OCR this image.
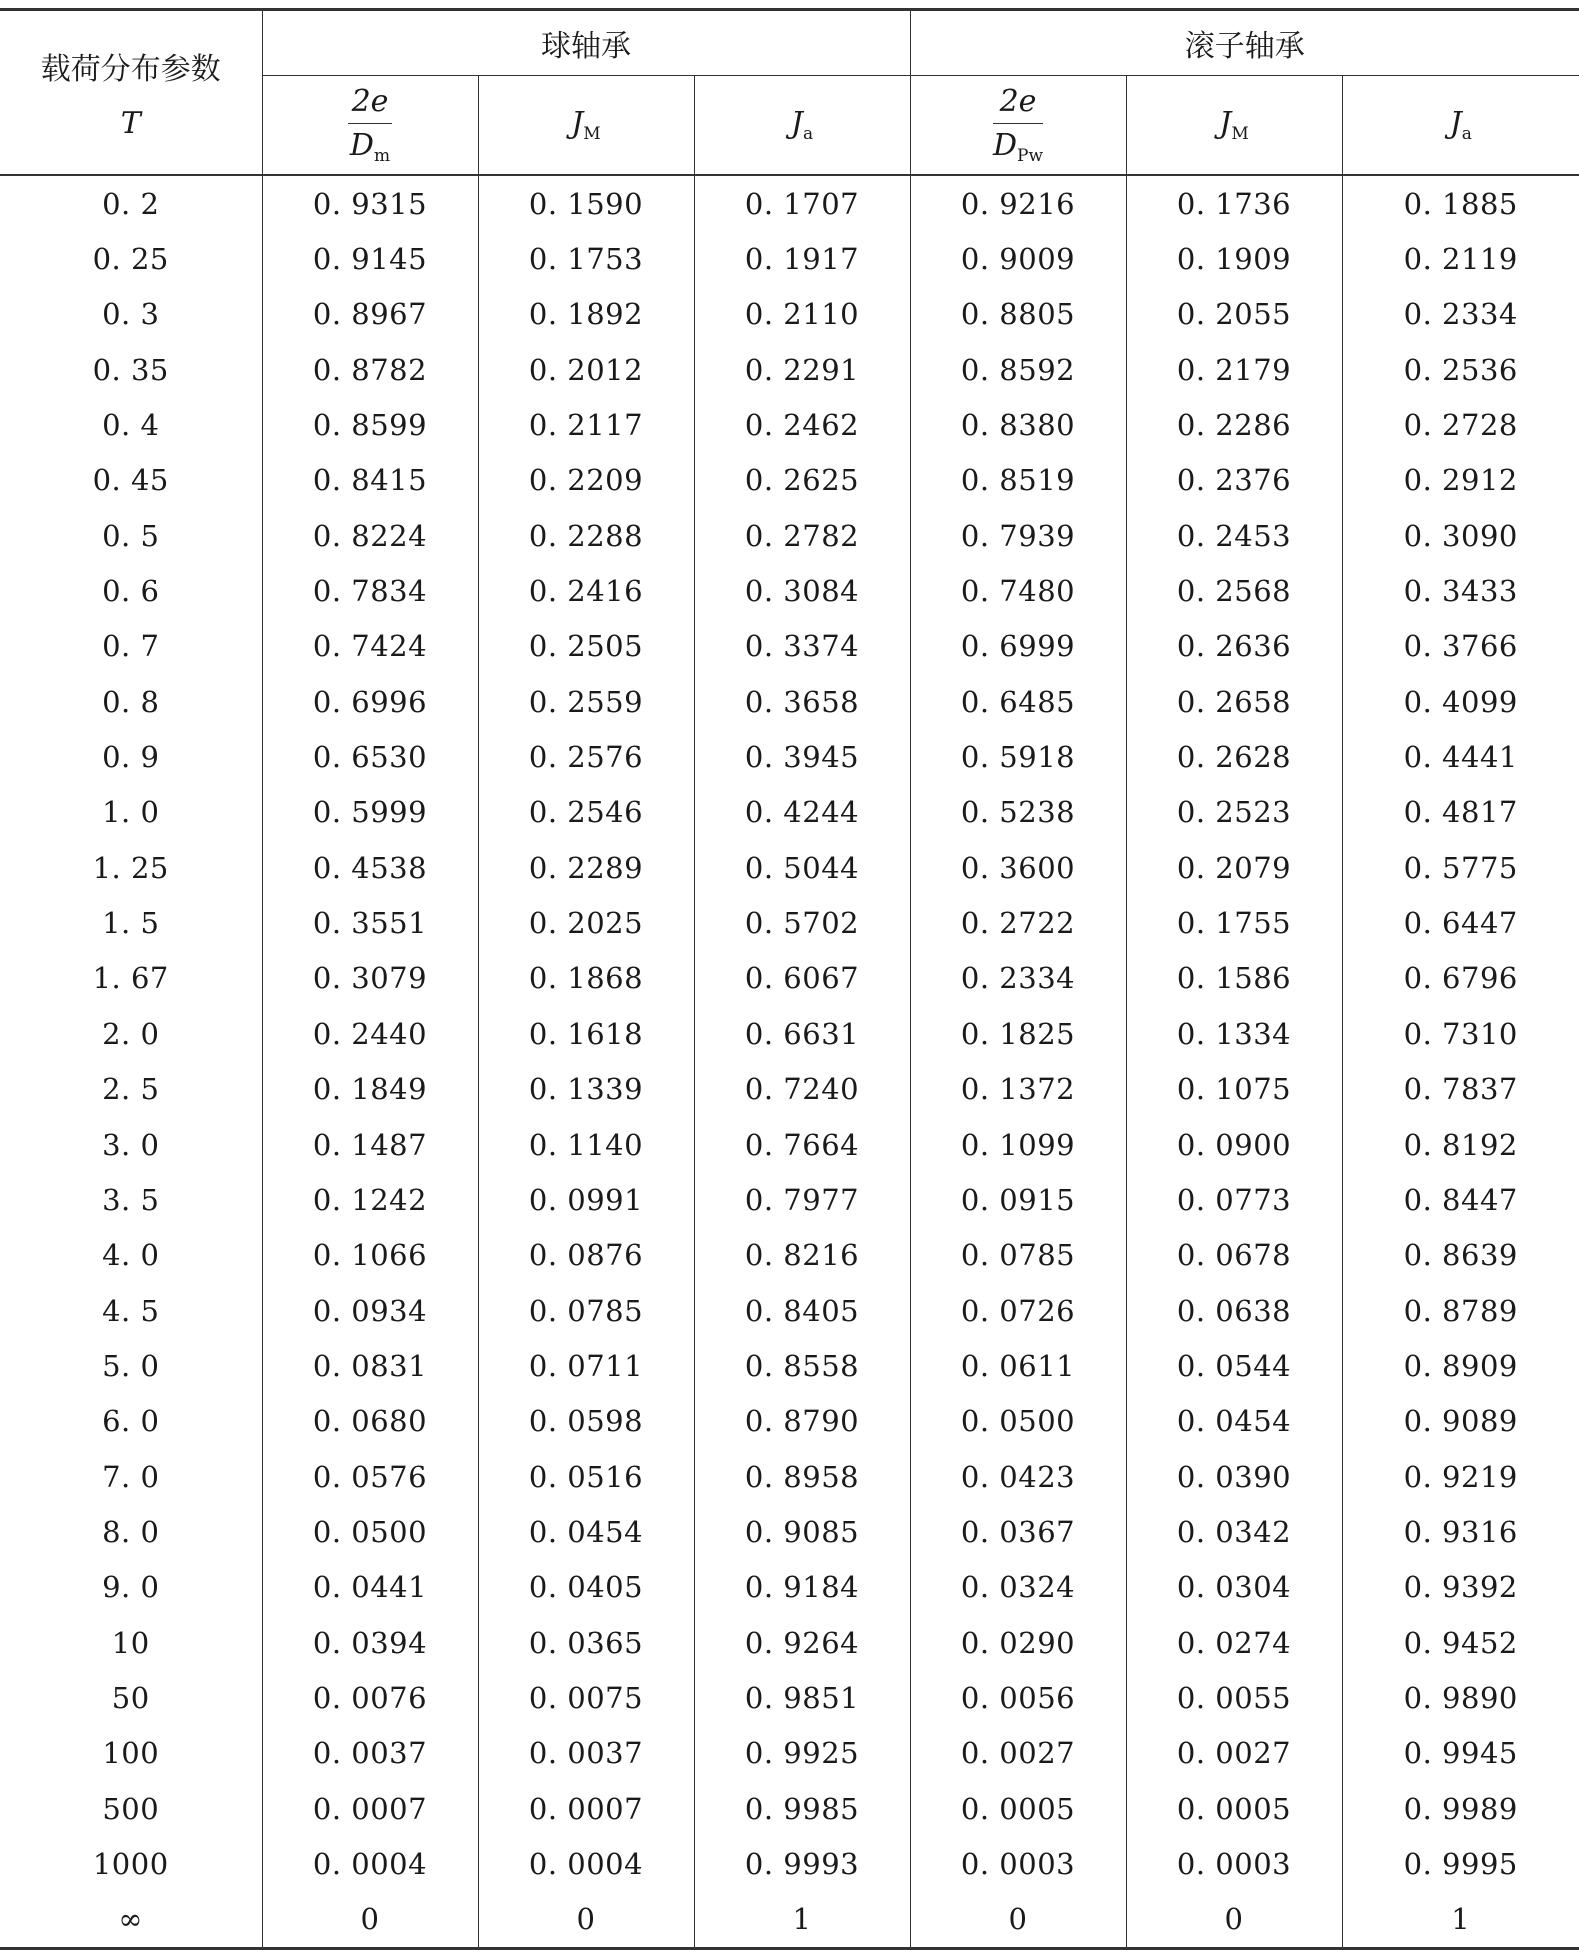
载荷分布参数
T	球轴承			滚子轴承		

	$\frac{2e}{D_m}$	$J_M$	$J_a$	$\frac{2e}{D_{Pw}}$	$J_M$	$J_a$
0. 2	0. 9315	0. 1590	0. 1707	0. 9216	0. 1736	0. 1885
0. 25	0. 9145	0. 1753	0. 1917	0. 9009	0. 1909	0. 2119
0. 3	0. 8967	0. 1892	0. 2110	0. 8805	0. 2055	0. 2334
0. 35	0. 8782	0. 2012	0. 2291	0. 8592	0. 2179	0. 2536
0. 4	0. 8599	0. 2117	0. 2462	0. 8380	0. 2286	0. 2728
0. 45	0. 8415	0. 2209	0. 2625	0. 8519	0. 2376	0. 2912
0. 5	0. 8224	0. 2288	0. 2782	0. 7939	0. 2453	0. 3090
0. 6	0. 7834	0. 2416	0. 3084	0. 7480	0. 2568	0. 3433
0. 7	0. 7424	0. 2505	0. 3374	0. 6999	0. 2636	0. 3766
0. 8	0. 6996	0. 2559	0. 3658	0. 6485	0. 2658	0. 4099
0. 9	0. 6530	0. 2576	0. 3945	0. 5918	0. 2628	0. 4441
1. 0	0. 5999	0. 2546	0. 4244	0. 5238	0. 2523	0. 4817
1. 25	0. 4538	0. 2289	0. 5044	0. 3600	0. 2079	0. 5775
1. 5	0. 3551	0. 2025	0. 5702	0. 2722	0. 1755	0. 6447
1. 67	0. 3079	0. 1868	0. 6067	0. 2334	0. 1586	0. 6796
2. 0	0. 2440	0. 1618	0. 6631	0. 1825	0. 1334	0. 7310
2. 5	0. 1849	0. 1339	0. 7240	0. 1372	0. 1075	0. 7837
3. 0	0. 1487	0. 1140	0. 7664	0. 1099	0. 0900	0. 8192
3. 5	0. 1242	0. 0991	0. 7977	0. 0915	0. 0773	0. 8447
4. 0	0. 1066	0. 0876	0. 8216	0. 0785	0. 0678	0. 8639
4. 5	0. 0934	0. 0785	0. 8405	0. 0726	0. 0638	0. 8789
5. 0	0. 0831	0. 0711	0. 8558	0. 0611	0. 0544	0. 8909
6. 0	0. 0680	0. 0598	0. 8790	0. 0500	0. 0454	0. 9089
7. 0	0. 0576	0. 0516	0. 8958	0. 0423	0. 0390	0. 9219
8. 0	0. 0500	0. 0454	0. 9085	0. 0367	0. 0342	0. 9316
9. 0	0. 0441	0. 0405	0. 9184	0. 0324	0. 0304	0. 9392
10	0. 0394	0. 0365	0. 9264	0. 0290	0. 0274	0. 9452
50	0. 0076	0. 0075	0. 9851	0. 0056	0. 0055	0. 9890
100	0. 0037	0. 0037	0. 9925	0. 0027	0. 0027	0. 9945
500	0. 0007	0. 0007	0. 9985	0. 0005	0. 0005	0. 9989
1000	0. 0004	0. 0004	0. 9993	0. 0003	0. 0003	0. 9995
∞	0	0	1	0	0	1
